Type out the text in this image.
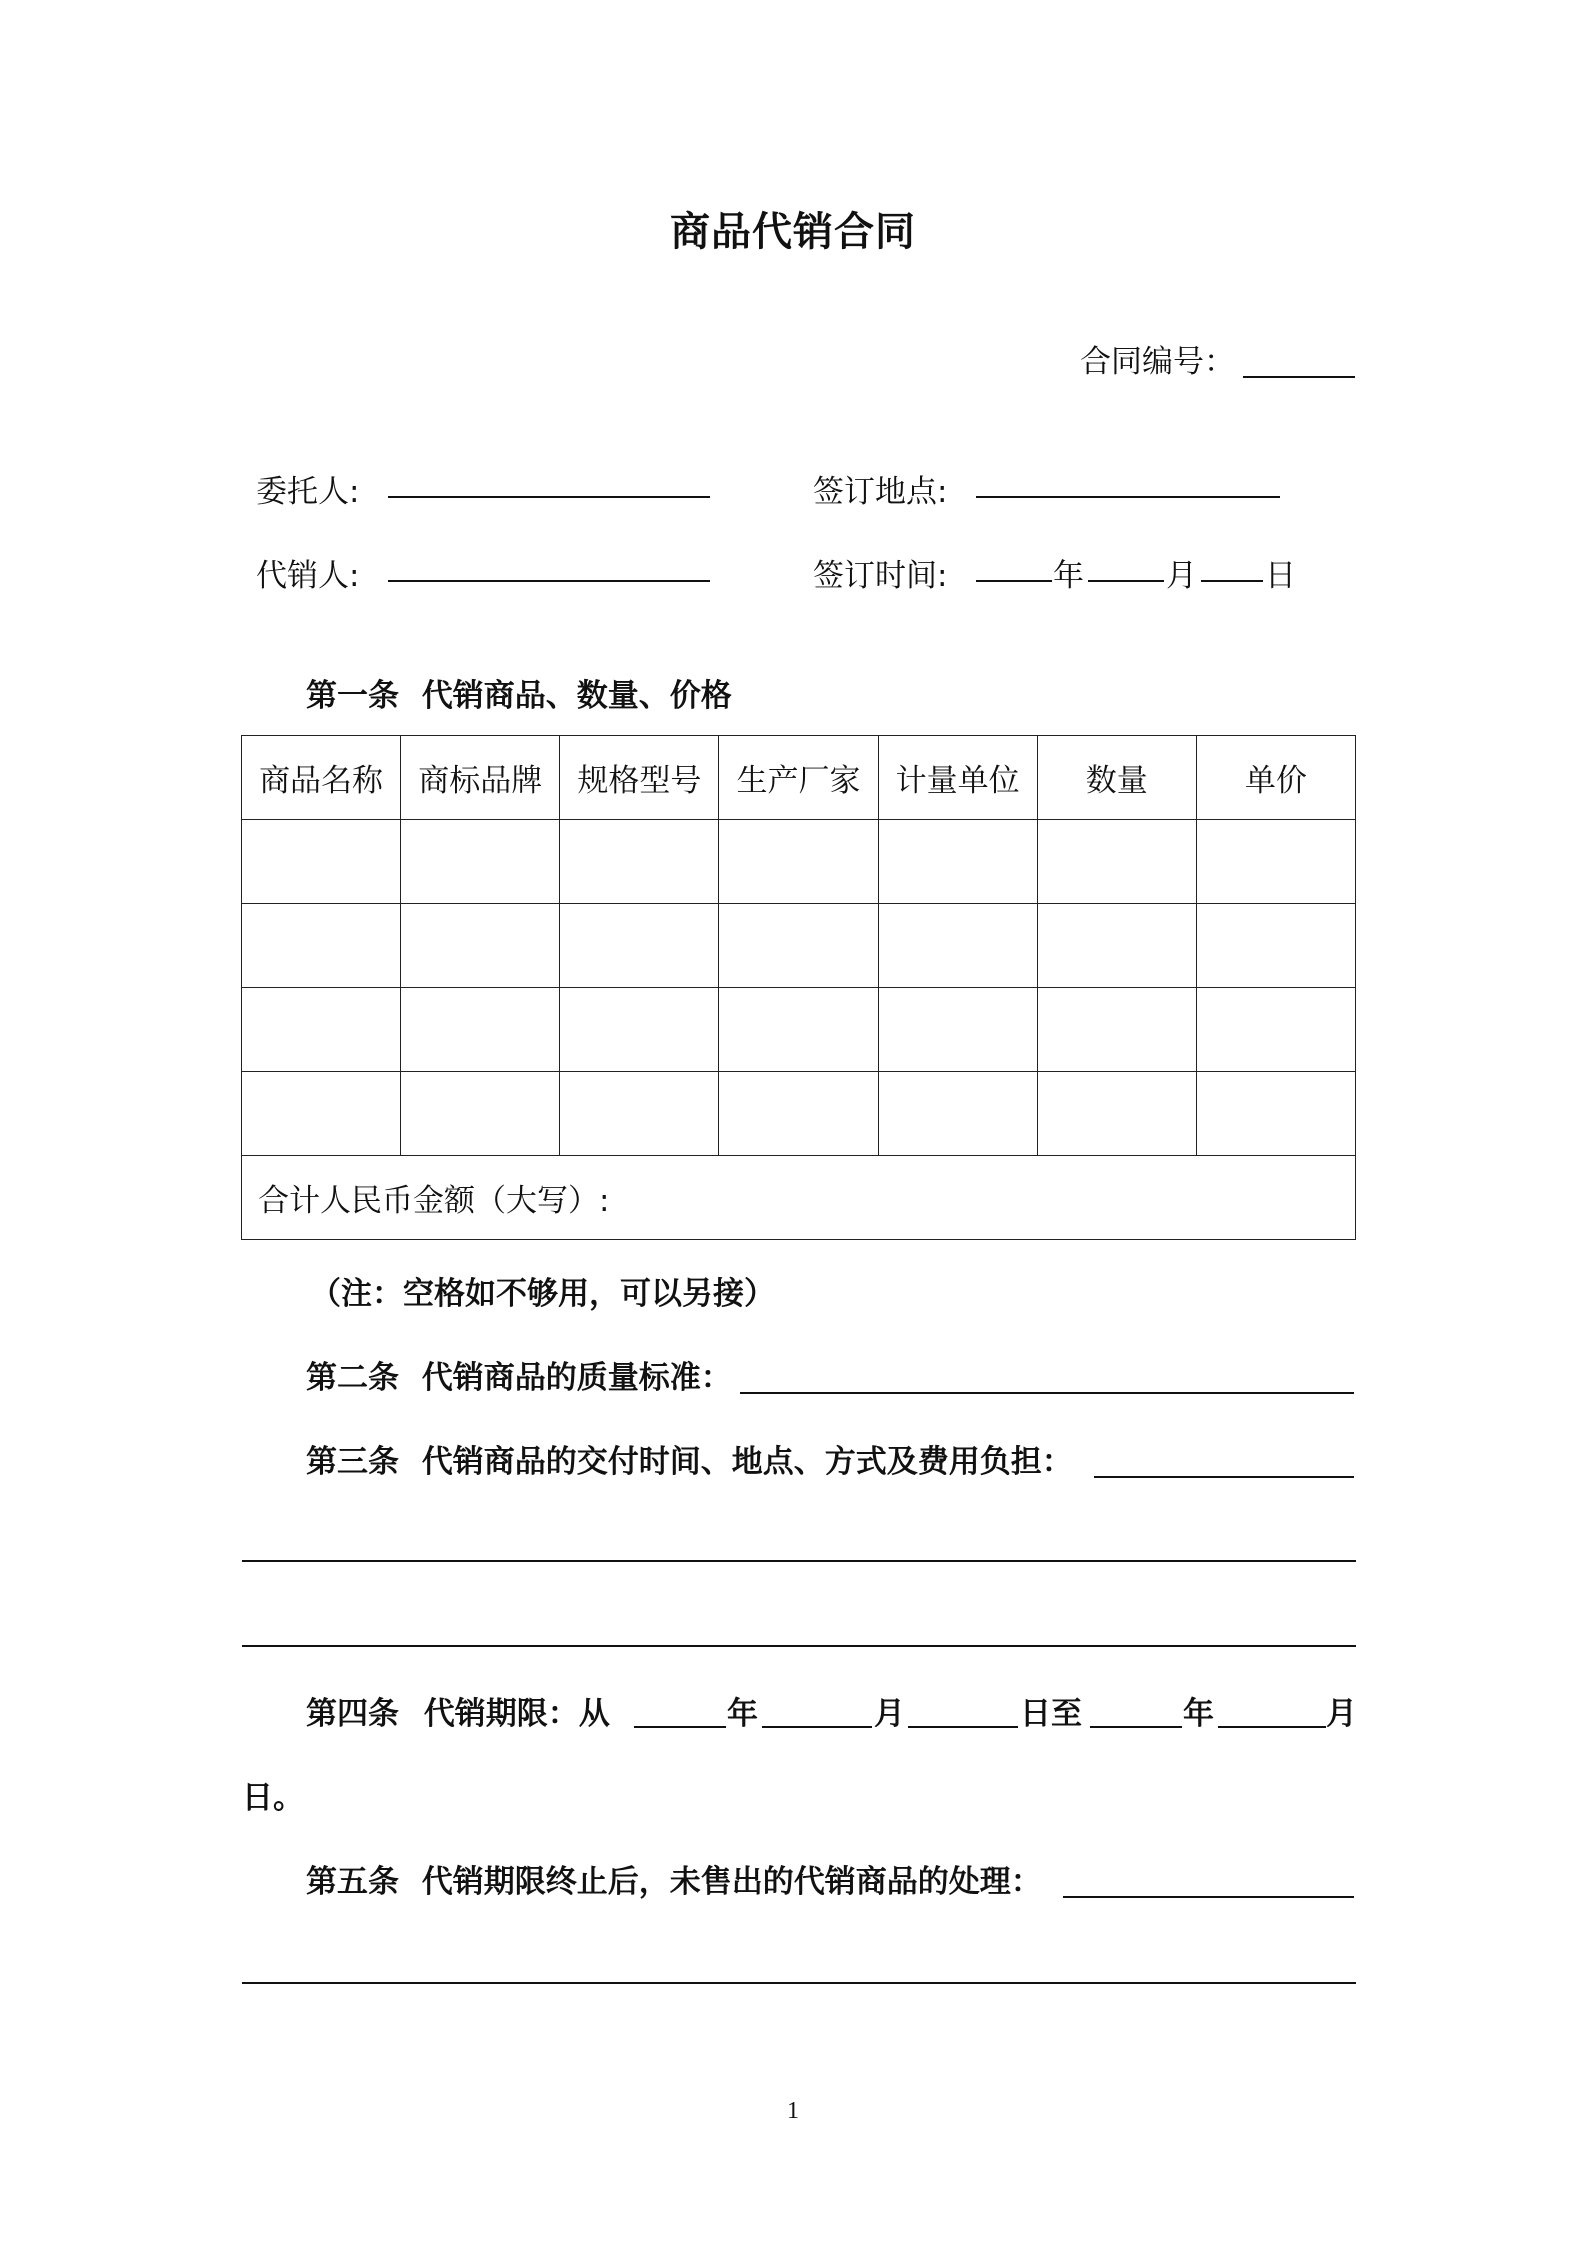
商品代销合同
合同编号：
委托人:	签订地点:
代销人:	签订时间:	年	月 日
第一条 代销商品、数量、价格
商品名称	商标品牌	规格型号	生产厂家	计量单位	数量	单价

合计人民币金额（大写）:						
（注：空格如不够用，可以另接）
第二条 代销商品的质量标准：
第三条 代销商品的交付时间、地点、方式及费用负担：
第四条 代销期限：从	年	月	日至	年	月
日。
第五条 代销期限终止后，未售出的代销商品的处理：
1
